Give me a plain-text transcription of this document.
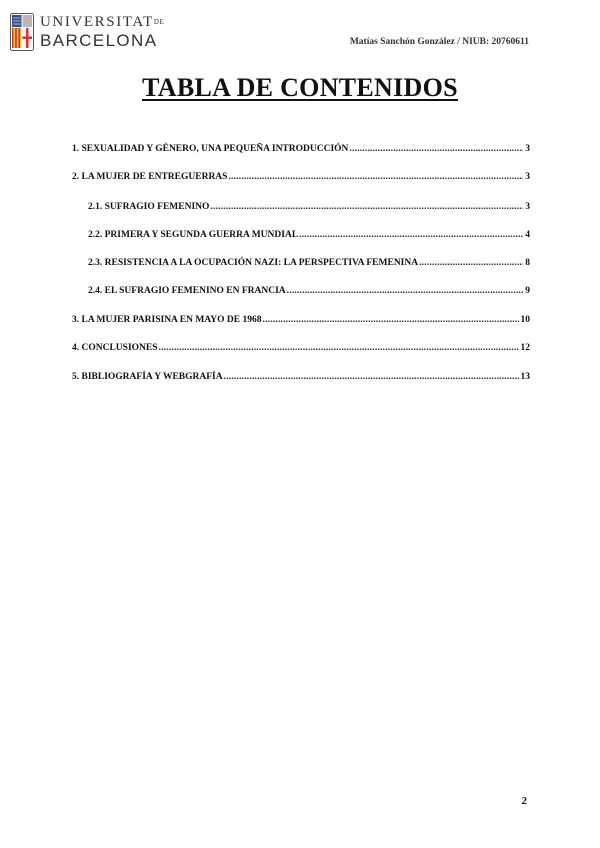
UNIVERSITATDE
BARCELONA	Matías Sanchón González / NIUB: 20760611
TABLA DE CONTENIDOS
1. SEXUALIDAD Y GÉNERO, UNA PEQUEÑA INTRODUCCIÓN .....	3
2. LA MUJER DE ENTREGUERRAS .....	3
2.1. SUFRAGIO FEMENINO .....	3
2.2. PRIMERA Y SEGUNDA GUERRA MUNDIAL .....	4
2.3. RESISTENCIA A LA OCUPACIÓN NAZI: LA PERSPECTIVA FEMENINA .....	8
2.4. EL SUFRAGIO FEMENINO EN FRANCIA .....	9
3. LA MUJER PARISINA EN MAYO DE 1968 .....	10
4. CONCLUSIONES .....	12
5. BIBLIOGRAFÍA Y WEBGRAFÍA .....	13
2
